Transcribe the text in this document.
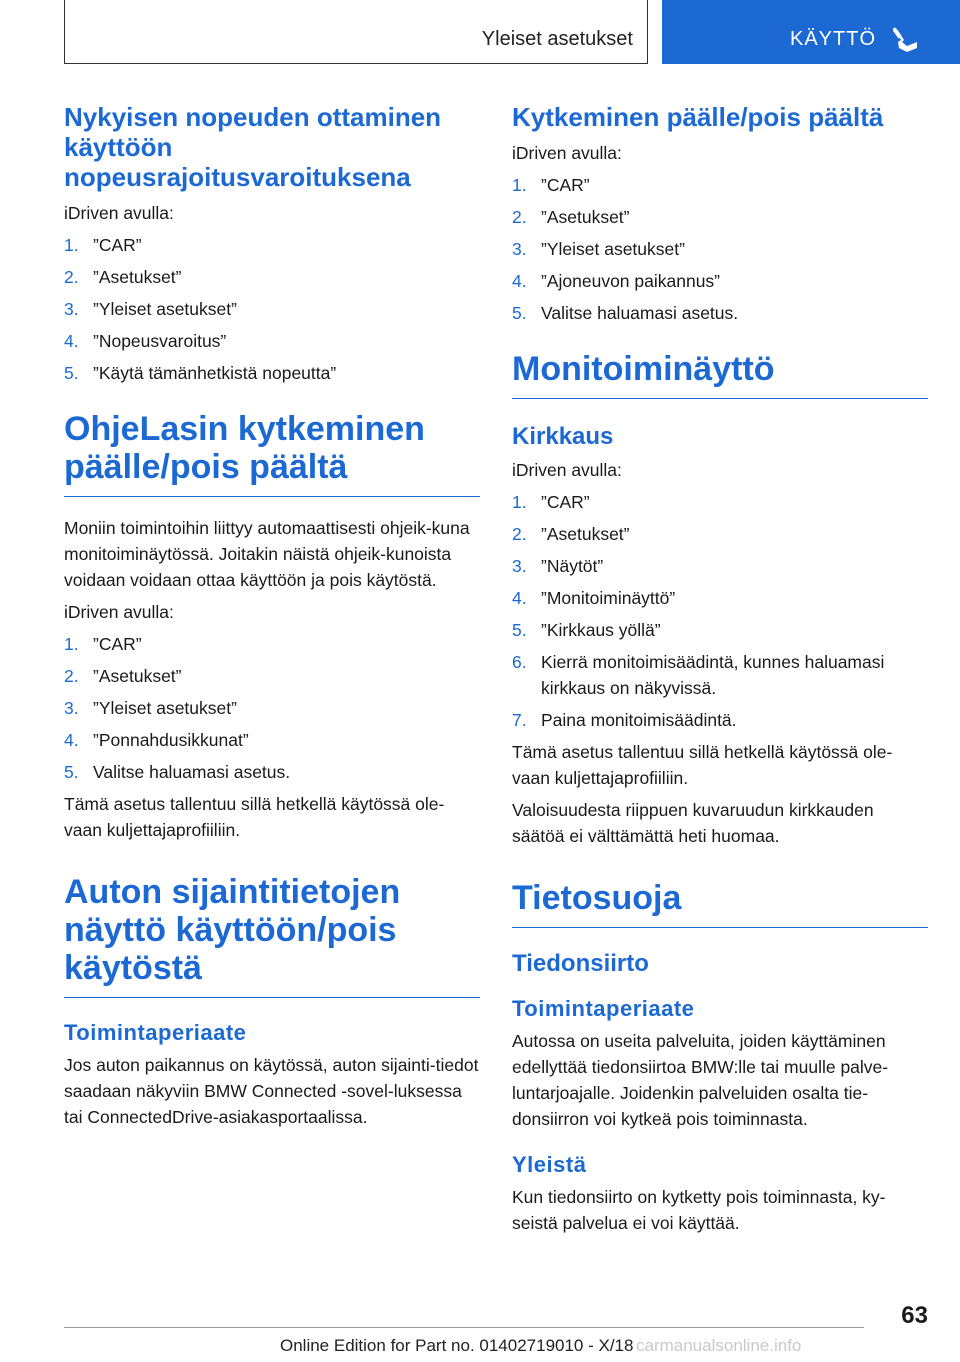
Yleiset asetukset	KÄYTTÖ
Nykyisen nopeuden ottaminen käyttöön nopeusrajoitusvaroituksena
iDriven avulla:
1. ”CAR”
2. ”Asetukset”
3. ”Yleiset asetukset”
4. ”Nopeusvaroitus”
5. ”Käytä tämänhetkistä nopeutta”
OhjeLasin kytkeminen päälle/pois päältä
Moniin toimintoihin liittyy automaattisesti ohjeik‐kuna monitoiminäytössä. Joitakin näistä ohjeik‐kunoista voidaan voidaan ottaa käyttöön ja pois käytöstä.
iDriven avulla:
1. ”CAR”
2. ”Asetukset”
3. ”Yleiset asetukset”
4. ”Ponnahdusikkunat”
5. Valitse haluamasi asetus.
Tämä asetus tallentuu sillä hetkellä käytössä ole‐vaan kuljettajaprofiiliin.
Auton sijaintitietojen näyttö käyttöön/pois käytöstä
Toimintaperiaate
Jos auton paikannus on käytössä, auton sijainti‐tiedot saadaan näkyviin BMW Connected -sovel‐luksessa tai ConnectedDrive-asiakasportaalissa.
Kytkeminen päälle/pois päältä
iDriven avulla:
1. ”CAR”
2. ”Asetukset”
3. ”Yleiset asetukset”
4. ”Ajoneuvon paikannus”
5. Valitse haluamasi asetus.
Monitoiminäyttö
Kirkkaus
iDriven avulla:
1. ”CAR”
2. ”Asetukset”
3. ”Näytöt”
4. ”Monitoiminäyttö”
5. ”Kirkkaus yöllä”
6. Kierrä monitoimisäädintä, kunnes haluamasi kirkkaus on näkyvissä.
7. Paina monitoimisäädintä.
Tämä asetus tallentuu sillä hetkellä käytössä ole‐vaan kuljettajaprofiiliin.
Valoisuudesta riippuen kuvaruudun kirkkauden säätöä ei välttämättä heti huomaa.
Tietosuoja
Tiedonsiirto
Toimintaperiaate
Autossa on useita palveluita, joiden käyttäminen edellyttää tiedonsiirtoa BMW:lle tai muulle palve‐luntarjoajalle. Joidenkin palveluiden osalta tie‐donsiirron voi kytkeä pois toiminnasta.
Yleistä
Kun tiedonsiirto on kytketty pois toiminnasta, ky‐seistä palvelua ei voi käyttää.
63
Online Edition for Part no. 01402719010 - X/18 carmanualsonline.info
